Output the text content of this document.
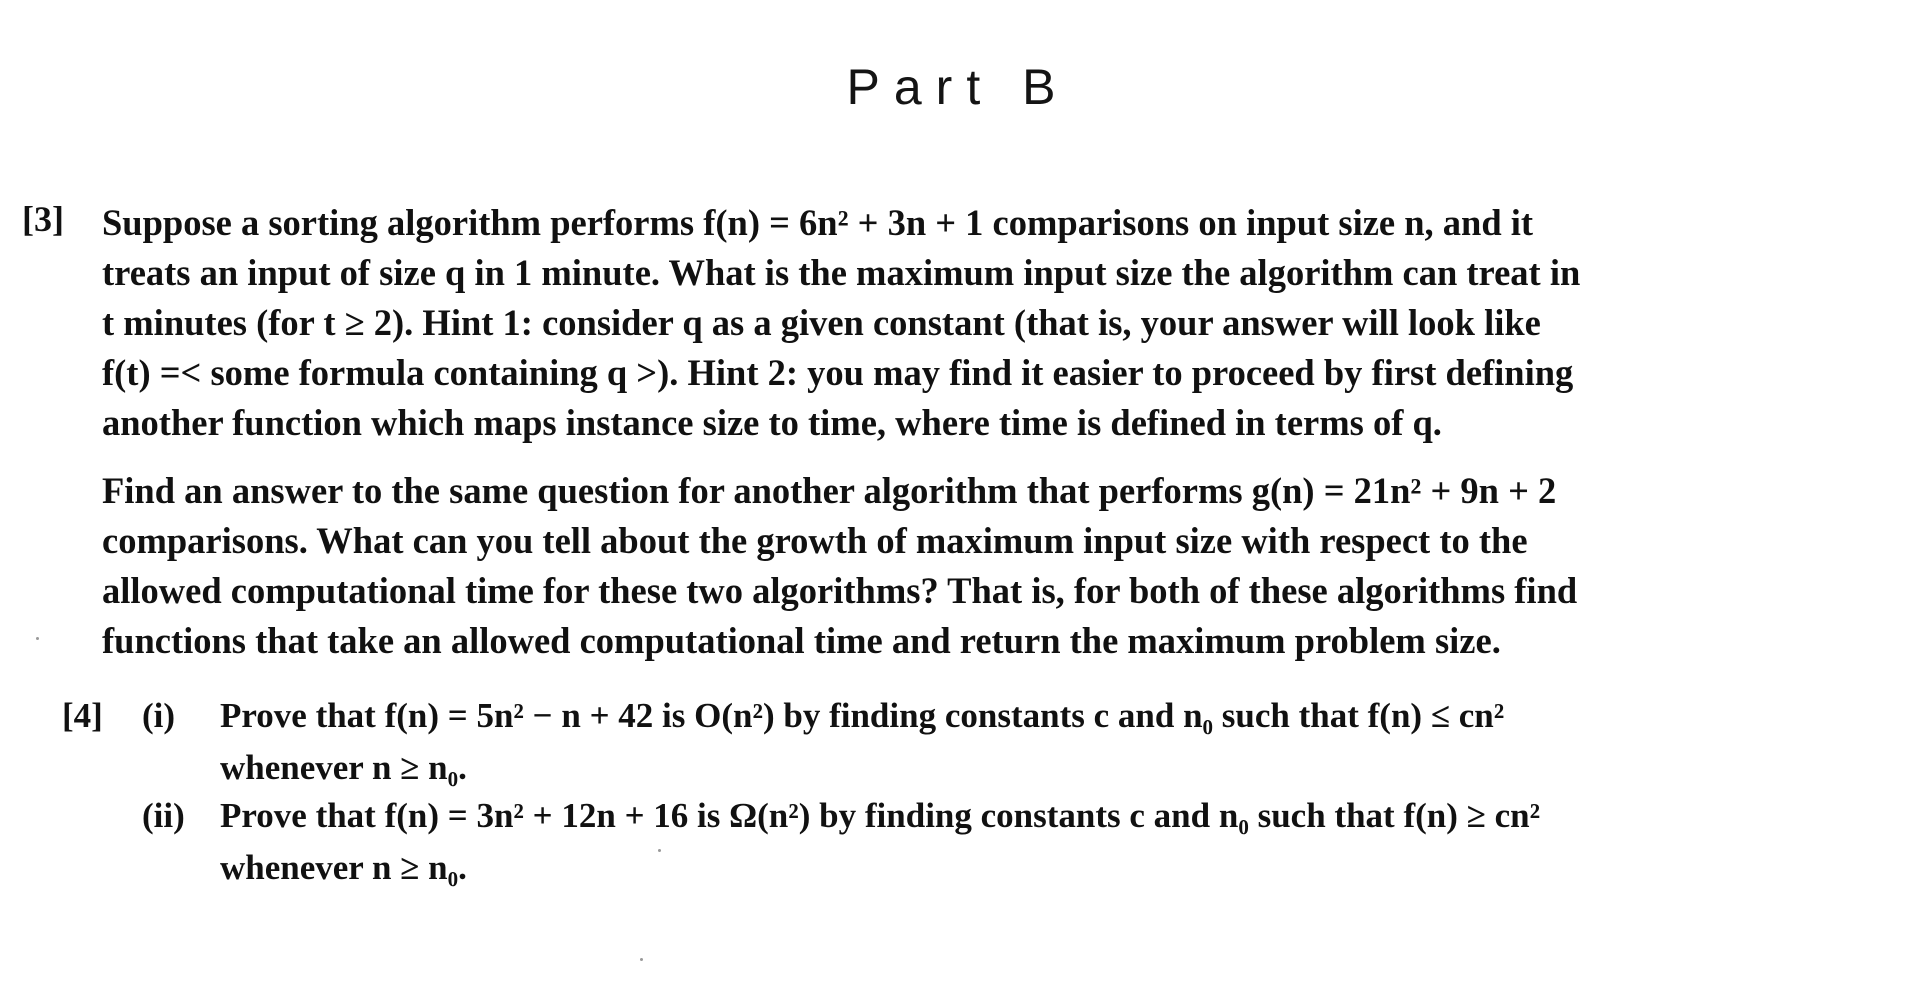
Part B
[3] Suppose a sorting algorithm performs f(n) = 6n² + 3n + 1 comparisons on input size n, and it
treats an input of size q in 1 minute. What is the maximum input size the algorithm can treat in
t minutes (for t ≥ 2). Hint 1: consider q as a given constant (that is, your answer will look like
f(t) =< some formula containing q >). Hint 2: you may find it easier to proceed by first defining
another function which maps instance size to time, where time is defined in terms of q.
Find an answer to the same question for another algorithm that performs g(n) = 21n² + 9n + 2
comparisons. What can you tell about the growth of maximum input size with respect to the
allowed computational time for these two algorithms? That is, for both of these algorithms find
functions that take an allowed computational time and return the maximum problem size.
[4] (i) Prove that f(n) = 5n² − n + 42 is O(n²) by finding constants c and n₀ such that f(n) ≤ cn²
whenever n ≥ n₀.
(ii) Prove that f(n) = 3n² + 12n + 16 is Ω(n²) by finding constants c and n₀ such that f(n) ≥ cn²
whenever n ≥ n₀.
